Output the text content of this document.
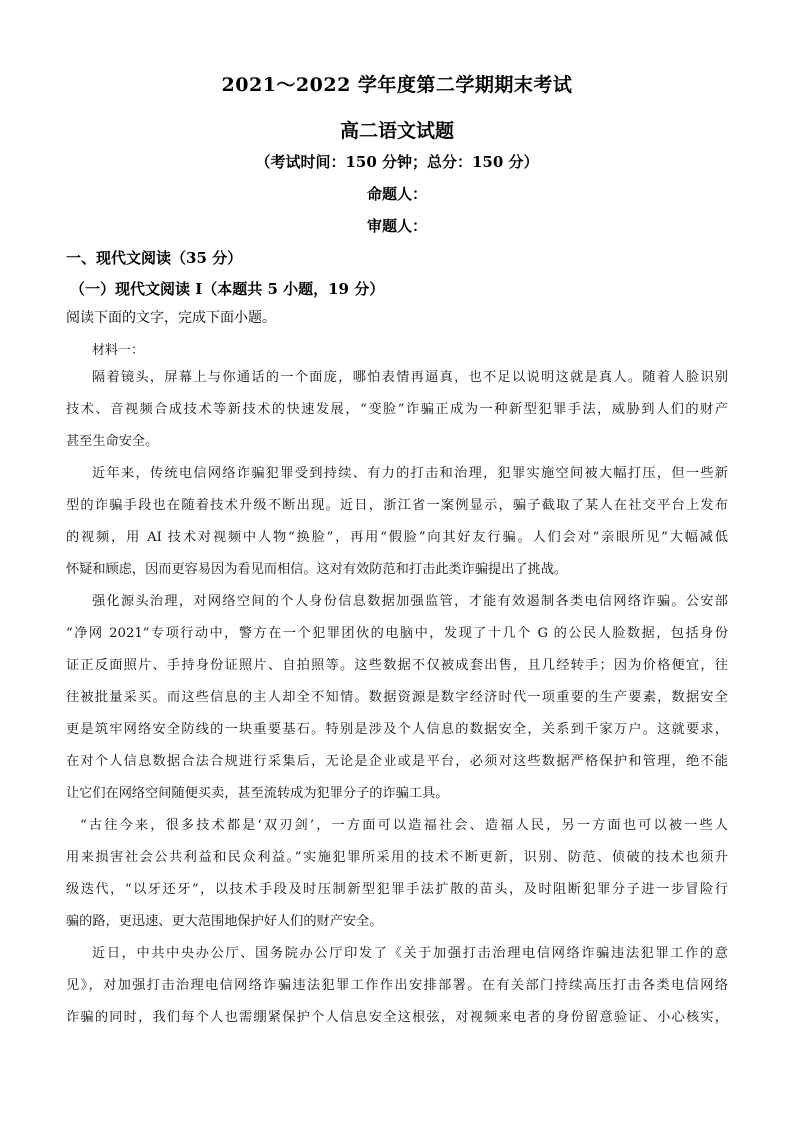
2021～2022 学年度第二学期期末考试
高二语文试题
（考试时间：150 分钟；总分：150 分）
命题人：
审题人：
一、现代文阅读（35 分）
（一）现代文阅读 I（本题共 5 小题，19 分）
阅读下面的文字，完成下面小题。
材料一：
隔着镜头，屏幕上与你通话的一个面庞，哪怕表情再逼真，也不足以说明这就是真人。随着人脸识别
技术、音视频合成技术等新技术的快速发展，“变脸”诈骗正成为一种新型犯罪手法，威胁到人们的财产
甚至生命安全。
近年来，传统电信网络诈骗犯罪受到持续、有力的打击和治理，犯罪实施空间被大幅打压，但一些新
型的诈骗手段也在随着技术升级不断出现。近日，浙江省一案例显示，骗子截取了某人在社交平台上发布
的视频，用 AI 技术对视频中人物“换脸”，再用“假脸”向其好友行骗。人们会对“亲眼所见”大幅减低
怀疑和顾虑，因而更容易因为看见而相信。这对有效防范和打击此类诈骗提出了挑战。
强化源头治理，对网络空间的个人身份信息数据加强监管，才能有效遏制各类电信网络诈骗。公安部
“净网 2021”专项行动中，警方在一个犯罪团伙的电脑中，发现了十几个 G 的公民人脸数据，包括身份
证正反面照片、手持身份证照片、自拍照等。这些数据不仅被成套出售，且几经转手；因为价格便宜，往
往被批量采买。而这些信息的主人却全不知情。数据资源是数字经济时代一项重要的生产要素，数据安全
更是筑牢网络安全防线的一块重要基石。特别是涉及个人信息的数据安全，关系到千家万户。这就要求，
在对个人信息数据合法合规进行采集后，无论是企业或是平台，必须对这些数据严格保护和管理，绝不能
让它们在网络空间随便买卖，甚至流转成为犯罪分子的诈骗工具。
“古往今来，很多技术都是‘双刃剑’，一方面可以造福社会、造福人民，另一方面也可以被一些人
用来损害社会公共利益和民众利益。”实施犯罪所采用的技术不断更新，识别、防范、侦破的技术也须升
级迭代，“以牙还牙”，以技术手段及时压制新型犯罪手法扩散的苗头，及时阻断犯罪分子进一步冒险行
骗的路，更迅速、更大范围地保护好人们的财产安全。
近日，中共中央办公厅、国务院办公厅印发了《关于加强打击治理电信网络诈骗违法犯罪工作的意
见》，对加强打击治理电信网络诈骗违法犯罪工作作出安排部署。在有关部门持续高压打击各类电信网络
诈骗的同时，我们每个人也需绷紧保护个人信息安全这根弦，对视频来电者的身份留意验证、小心核实，
